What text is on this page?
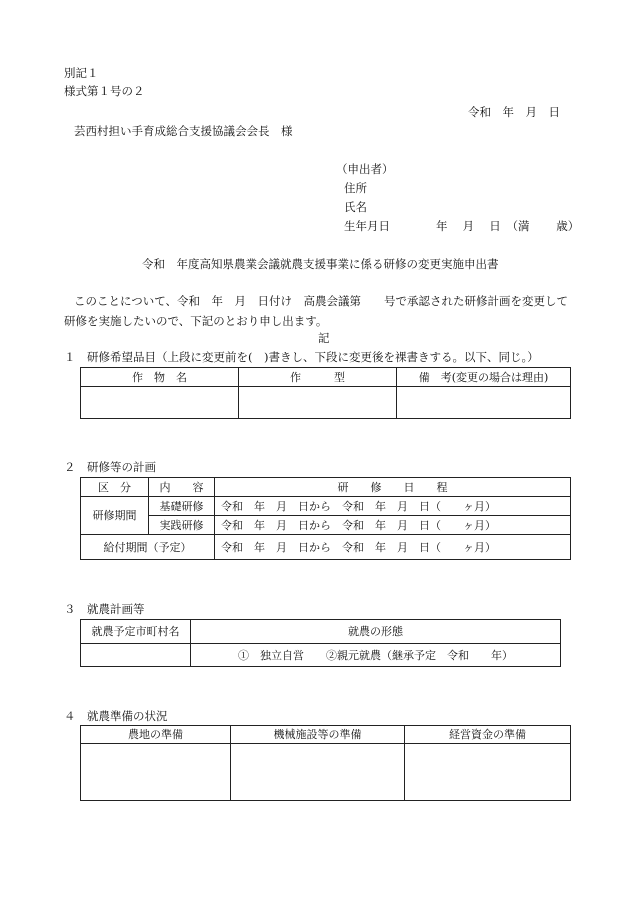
別記１
様式第１号の２
令和　年　月　日
芸西村担い手育成総合支援協議会会長　様
（申出者）
住所
氏名
生年月日　　　　年　 月　 日　（満　　 歳）
令和　年度高知県農業会議就農支援事業に係る研修の変更実施申出書
このことについて、令和　年　月　日付け　高農会議第　　号で承認された研修計画を変更して
研修を実施したいので、下記のとおり申し出ます。
記
１　研修希望品目（上段に変更前を(　)書きし、下段に変更後を裸書きする。以下、同じ。）
作　物　名	作　　　型	備　考(変更の場合は理由)

２　研修等の計画
区　分	内　　容	研　　修　　日　　程
研修期間	基礎研修	令和　年　月　日から　令和　年　月　日（　　ヶ月）
	実践研修	令和　年　月　日から　令和　年　月　日（　　ヶ月）
給付期間（予定）		令和　年　月　日から　令和　年　月　日（　　ヶ月）
３　就農計画等
就農予定市町村名	就農の形態
	①　独立自営　　②親元就農（継承予定　令和　　年）
４　就農準備の状況
農地の準備	機械施設等の準備	経営資金の準備
